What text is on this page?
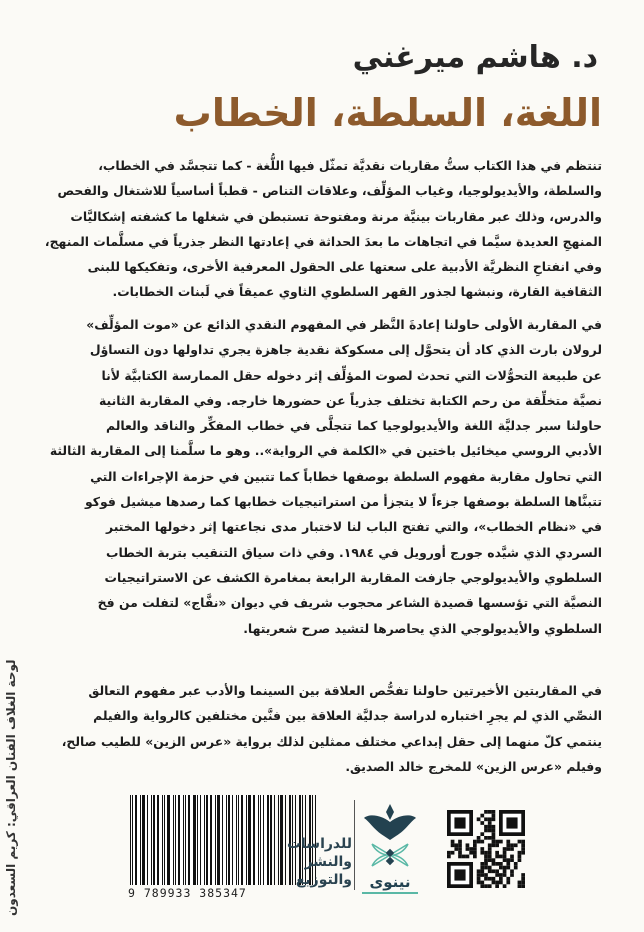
د. هاشم ميرغني
اللغة، السلطة، الخطاب
تنتظم في هذا الكتاب ستُّ مقاربات نقديَّة تمثّل فيها اللُّغة - كما تتجسَّد في الخطاب،
والسلطة، والأيديولوجيا، وغياب المؤلِّف، وعلاقات التناص - قطباً أساسياً للاشتغال والفحص
والدرس، وذلك عبر مقاربات بينيَّة مرنة ومفتوحة تستبطن في شغلها ما كشفته إشكاليَّات
المنهجِ العديدة سيَّما في اتجاهات ما بعدَ الحداثة في إعادتها النظر جذرياً في مسلَّمات المنهج،
وفي انفتاحِ النظريَّة الأدبية على سعتها على الحقول المعرفية الأخرى، وتفكيكها للبنى
الثقافية القارة، ونبشها لجذور القهر السلطوي الثاوي عميقاً في لَبنات الخطابات.
في المقاربة الأولى حاولنا إعادةَ النَّظر في المفهوم النقدي الذائع عن «موت المؤلِّف»
لرولان بارت الذي كاد أن يتحوَّل إلى مسكوكة نقدية جاهزة يجري تداولها دون التساؤل
عن طبيعة التحوُّلات التي تحدث لصوت المؤلِّف إثر دخوله حقل الممارسة الكتابيَّة لأنا
نصيَّة متخلِّقة من رحم الكتابة تختلف جذرياً عن حضورها خارجه. وفي المقاربة الثانية
حاولنا سبر جدليَّة اللغة والأيديولوجيا كما تتجلَّى في خطاب المفكِّر والناقد والعالم
الأدبي الروسي ميخائيل باختين في «الكلمة في الرواية».. وهو ما سلَّمنا إلى المقاربة الثالثة
التي تحاول مقاربة مفهوم السلطة بوصفها خطاباً كما تتبين في حزمة الإجراءات التي
تتبنَّاها السلطة بوصفها جزءاً لا يتجزأ من استراتيجيات خطابها كما رصدها ميشيل فوكو
في «نظام الخطاب»، والتي تفتح الباب لنا لاختبار مدى نجاعتها إثر دخولها المختبر
السردي الذي شيَّده جورج أورويل في ١٩٨٤. وفي ذات سياق التنقيب بتربة الخطاب
السلطوي والأيديولوجي جازفت المقاربة الرابعة بمغامرة الكشف عن الاستراتيجيات
النصيَّة التي تؤسسها قصيدة الشاعر محجوب شريف في ديوان «نفَّاج» لتفلت من فخ
السلطوي والأيديولوجي الذي يحاصرها لتشيد صرح شعريتها.
في المقاربتين الأخيرتين حاولنا تفحُّص العلاقة بين السينما والأدب عبر مفهوم التعالق
النصِّي الذي لم يجرِ اختباره لدراسة جدليَّة العلاقة بين فنَّين مختلفين كالرواية والفيلم
ينتمي كلّ منهما إلى حقل إبداعي مختلف ممثلين لذلك برواية «عرس الزين» للطيب صالح،
وفيلم «عرس الزين» للمخرج خالد الصديق.
لوحة الغلاف الفنان العراقي: كريم السعدون	9 789933 385347
للدراسات
والنشر
والتوزيع	نينوى
